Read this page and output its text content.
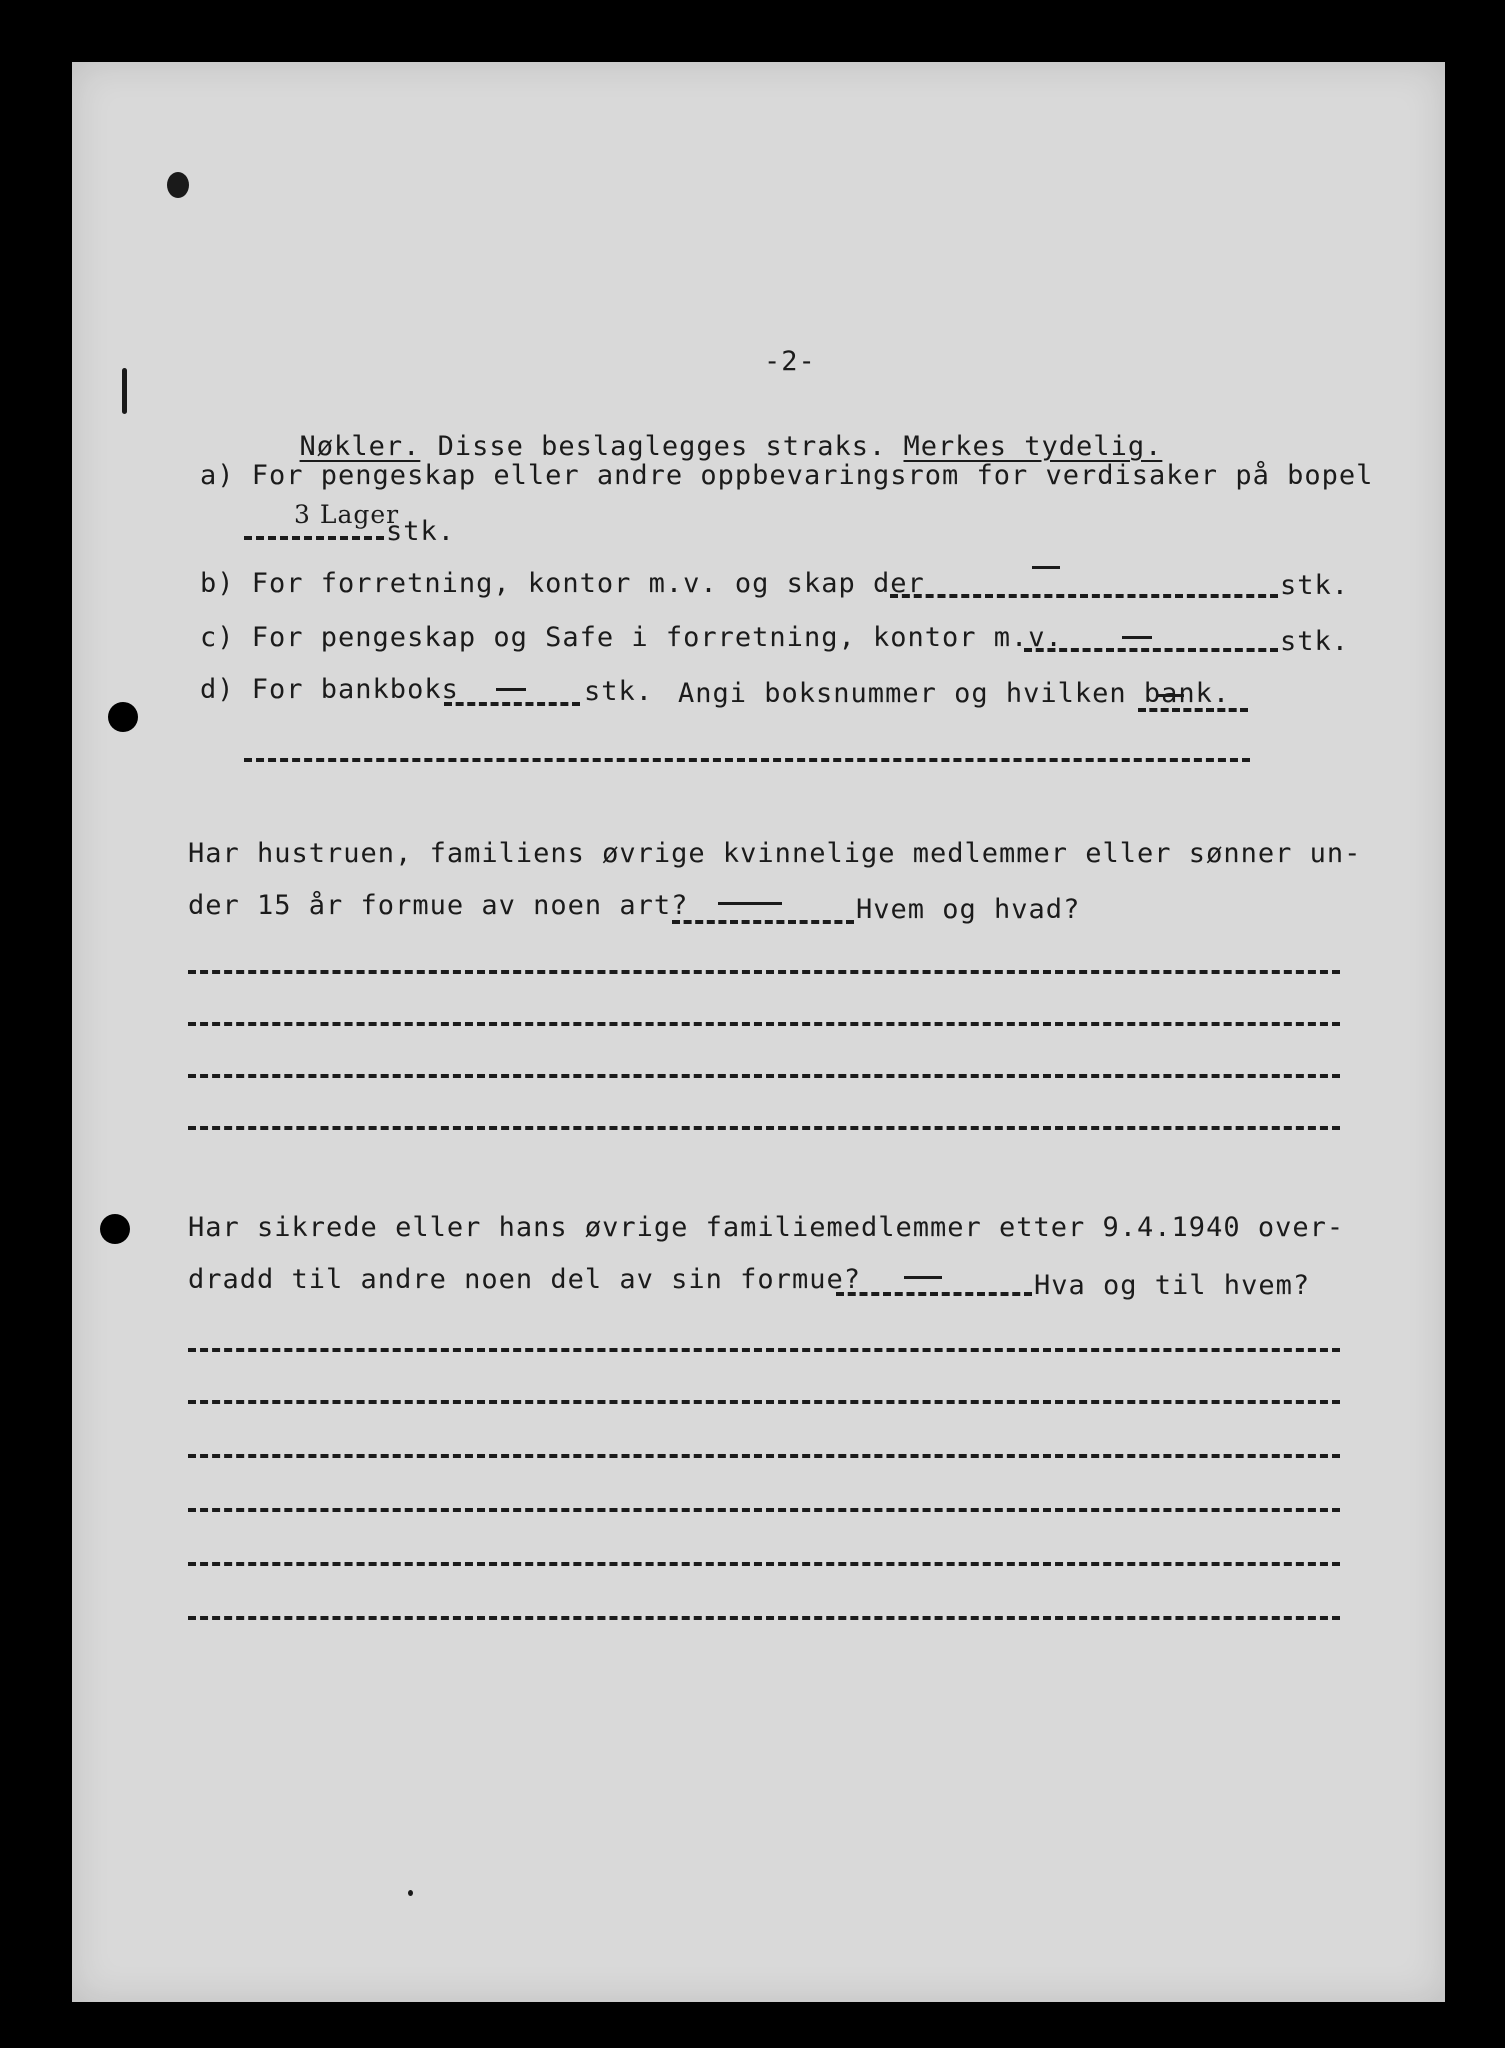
-2-

Nøkler. Disse beslaglegges straks. Merkes tydelig.

a) For pengeskap eller andre oppbevaringsrom for verdisaker på bopel
3 Lager
stk.
b) For forretning, kontor m.v. og skap der	stk.
c) For pengeskap og Safe i forretning, kontor m.v.	stk.
d) For bankboks	stk. Angi boksnummer og hvilken bank.
Har hustruen, familiens øvrige kvinnelige medlemmer eller sønner un-
der 15 år formue av noen art?	Hvem og hvad?
Har sikrede eller hans øvrige familiemedlemmer etter 9.4.1940 over-
dradd til andre noen del av sin formue?	Hva og til hvem?
